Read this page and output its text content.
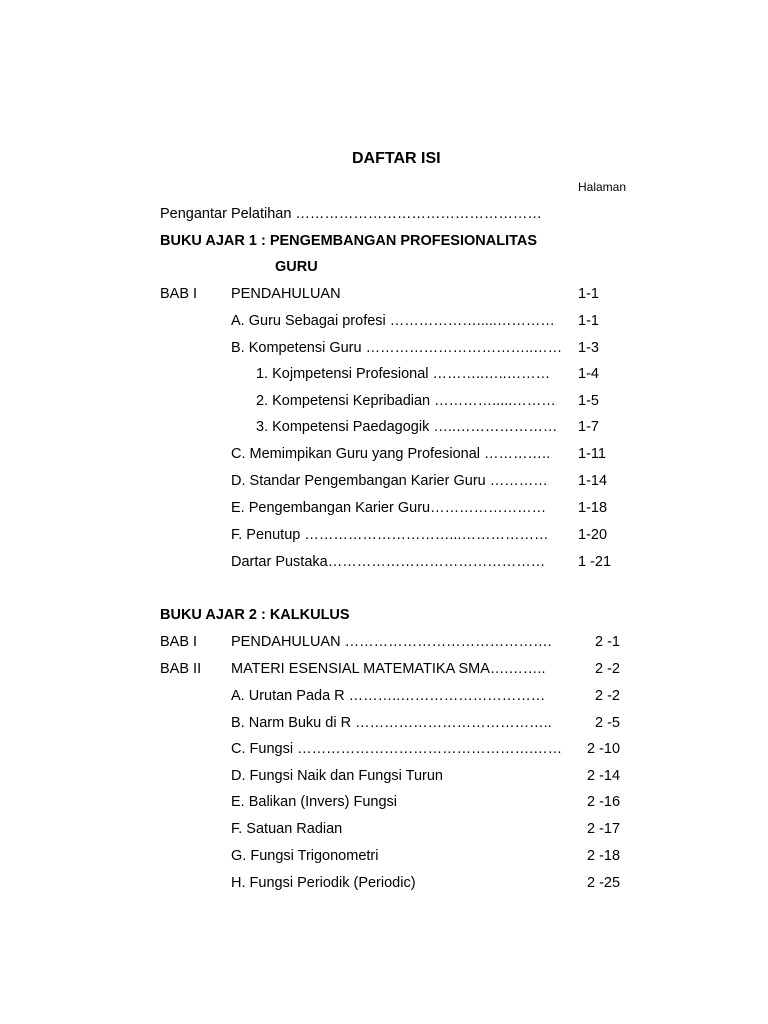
DAFTAR ISI
Halaman
Pengantar Pelatihan ……………………………………………
BUKU AJAR 1 : PENGEMBANGAN PROFESIONALITAS
GURU
BAB I PENDAHULUAN	1-1
A. Guru Sebagai profesi ……………….....………… 1-1
B. Kompetensi Guru ……………………………..…… 1-3
1. Kojmpetensi Profesional ………..…..……… 1-4
2. Kompetensi Kepribadian ………….....……… 1-5
3. Kompetensi Paedagogik …..………………… 1-7
C. Memimpikan Guru yang Profesional ………….. 1-11
D. Standar Pengembangan Karier Guru ………… 1-14
E. Pengembangan Karier Guru…………………… 1-18
F. Penutup …………………………...……………… 1-20
Dartar Pustaka……………………………………… 1 -21
BUKU AJAR 2 : KALKULUS
BAB I PENDAHULUAN …………………………………….	2 -1
BAB II MATERI ESENSIAL MATEMATIKA SMA….……..	2 -2
A. Urutan Pada R ………..…………………………	2 -2
B. Narm Buku di R …………………………………..	2 -5
C. Fungsi ………………………………………….…… 2 -10
D. Fungsi Naik dan Fungsi Turun	2 -14
E. Balikan (Invers) Fungsi	2 -16
F. Satuan Radian	2 -17
G. Fungsi Trigonometri	2 -18
H. Fungsi Periodik (Periodic)	2 -25
